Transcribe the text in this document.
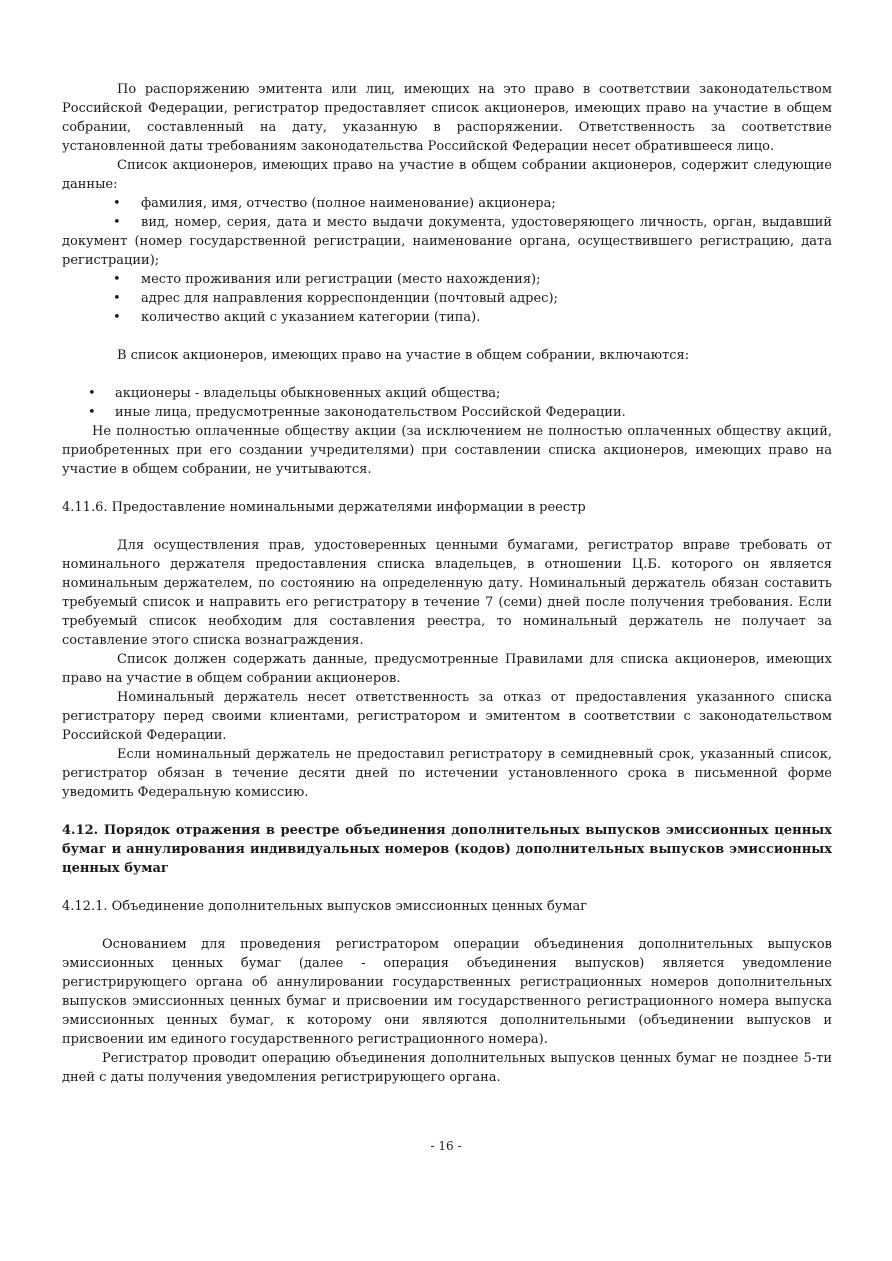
По распоряжению эмитента или лиц, имеющих на это право в соответствии законодательством Российской Федерации, регистратор предоставляет список акционеров, имеющих право на участие в общем собрании, составленный на дату, указанную в распоряжении. Ответственность за соответствие установленной даты требованиям законодательства Российской Федерации несет обратившееся лицо.

Список акционеров, имеющих право на участие в общем собрании акционеров, содержит следующие данные:

• фамилия, имя, отчество (полное наименование) акционера;
• вид, номер, серия, дата и место выдачи документа, удостоверяющего личность, орган, выдавший документ (номер государственной регистрации, наименование органа, осуществившего регистрацию, дата регистрации);
• место проживания или регистрации (место нахождения);
• адрес для направления корреспонденции (почтовый адрес);
• количество акций с указанием категории (типа).

В список акционеров, имеющих право на участие в общем собрании, включаются:

• акционеры - владельцы обыкновенных акций общества;
• иные лица, предусмотренные законодательством Российской Федерации.

Не полностью оплаченные обществу акции (за исключением не полностью оплаченных обществу акций, приобретенных при его создании учредителями) при составлении списка акционеров, имеющих право на участие в общем собрании, не учитываются.

4.11.6. Предоставление номинальными держателями информации в реестр

Для осуществления прав, удостоверенных ценными бумагами, регистратор вправе требовать от номинального держателя предоставления списка владельцев, в отношении Ц.Б. которого он является номинальным держателем, по состоянию на определенную дату. Номинальный держатель обязан составить требуемый список и направить его регистратору в течение 7 (семи) дней после получения требования. Если требуемый список необходим для составления реестра, то номинальный держатель не получает за составление этого списка вознаграждения.

Список должен содержать данные, предусмотренные Правилами для списка акционеров, имеющих право на участие в общем собрании акционеров.

Номинальный держатель несет ответственность за отказ от предоставления указанного списка регистратору перед своими клиентами, регистратором и эмитентом в соответствии с законодательством Российской Федерации.

Если номинальный держатель не предоставил регистратору в семидневный срок, указанный список, регистратор обязан в течение десяти дней по истечении установленного срока в письменной форме уведомить Федеральную комиссию.

4.12. Порядок отражения в реестре объединения дополнительных выпусков эмиссионных ценных бумаг и аннулирования индивидуальных номеров (кодов) дополнительных выпусков эмиссионных ценных бумаг

4.12.1. Объединение дополнительных выпусков эмиссионных ценных бумаг

Основанием для проведения регистратором операции объединения дополнительных выпусков эмиссионных ценных бумаг (далее - операция объединения выпусков) является уведомление регистрирующего органа об аннулировании государственных регистрационных номеров дополнительных выпусков эмиссионных ценных бумаг и присвоении им государственного регистрационного номера выпуска эмиссионных ценных бумаг, к которому они являются дополнительными (объединении выпусков и присвоении им единого государственного регистрационного номера).

Регистратор проводит операцию объединения дополнительных выпусков ценных бумаг не позднее 5-ти дней с даты получения уведомления регистрирующего органа.

- 16 -
